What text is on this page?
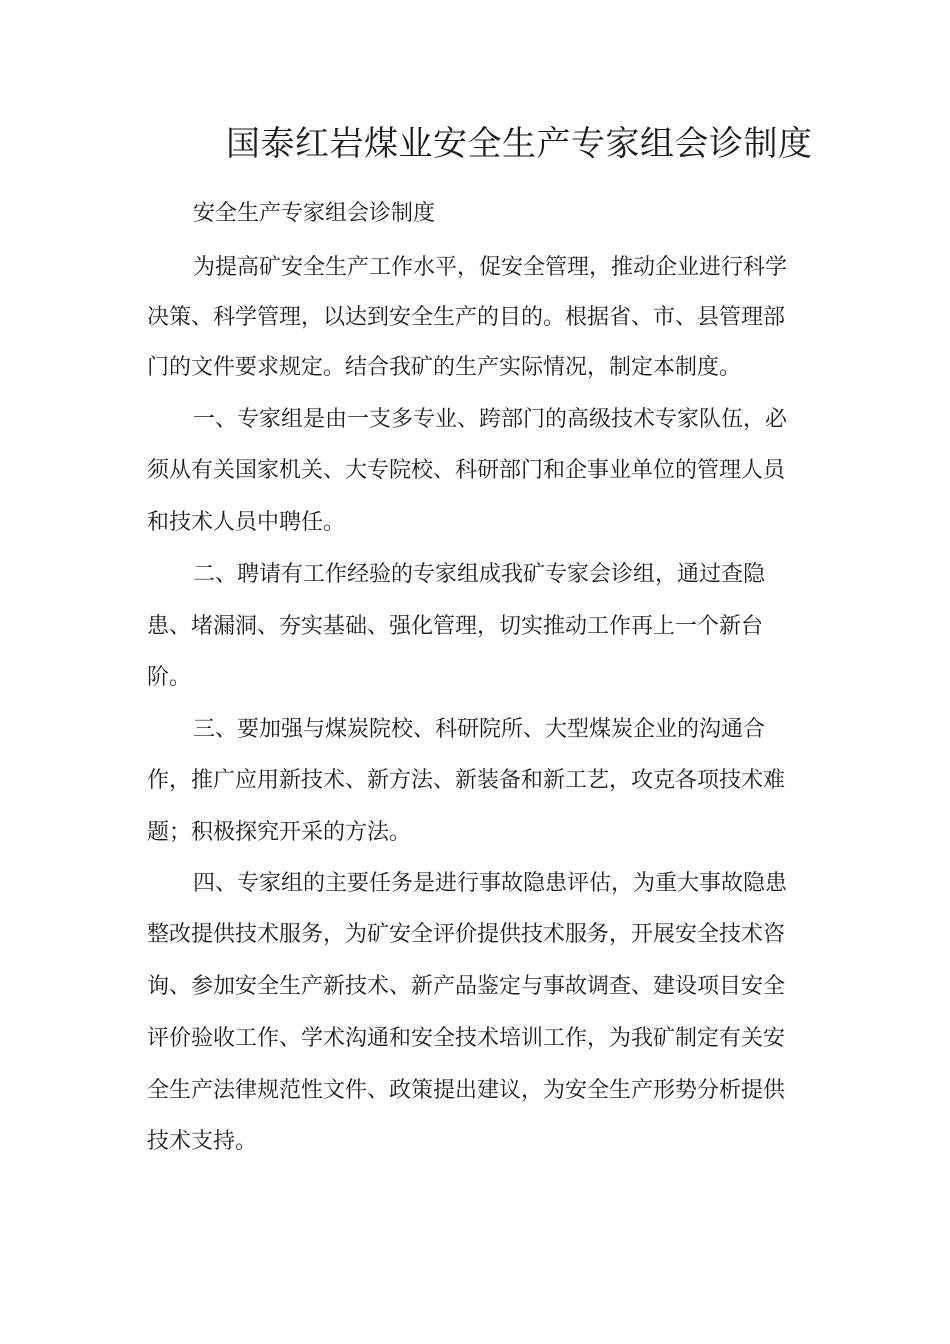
国泰红岩煤业安全生产专家组会诊制度
安全生产专家组会诊制度
为提高矿安全生产工作水平，促安全管理，推动企业进行科学
决策、科学管理，以达到安全生产的目的。根据省、市、县管理部
门的文件要求规定。结合我矿的生产实际情况，制定本制度。
一、专家组是由一支多专业、跨部门的高级技术专家队伍，必
须从有关国家机关、大专院校、科研部门和企事业单位的管理人员
和技术人员中聘任。
二、聘请有工作经验的专家组成我矿专家会诊组，通过查隐
患、堵漏洞、夯实基础、强化管理，切实推动工作再上一个新台
阶。
三、要加强与煤炭院校、科研院所、大型煤炭企业的沟通合
作，推广应用新技术、新方法、新装备和新工艺，攻克各项技术难
题；积极探究开采的方法。
四、专家组的主要任务是进行事故隐患评估，为重大事故隐患
整改提供技术服务，为矿安全评价提供技术服务，开展安全技术咨
询、参加安全生产新技术、新产品鉴定与事故调查、建设项目安全
评价验收工作、学术沟通和安全技术培训工作，为我矿制定有关安
全生产法律规范性文件、政策提出建议，为安全生产形势分析提供
技术支持。
